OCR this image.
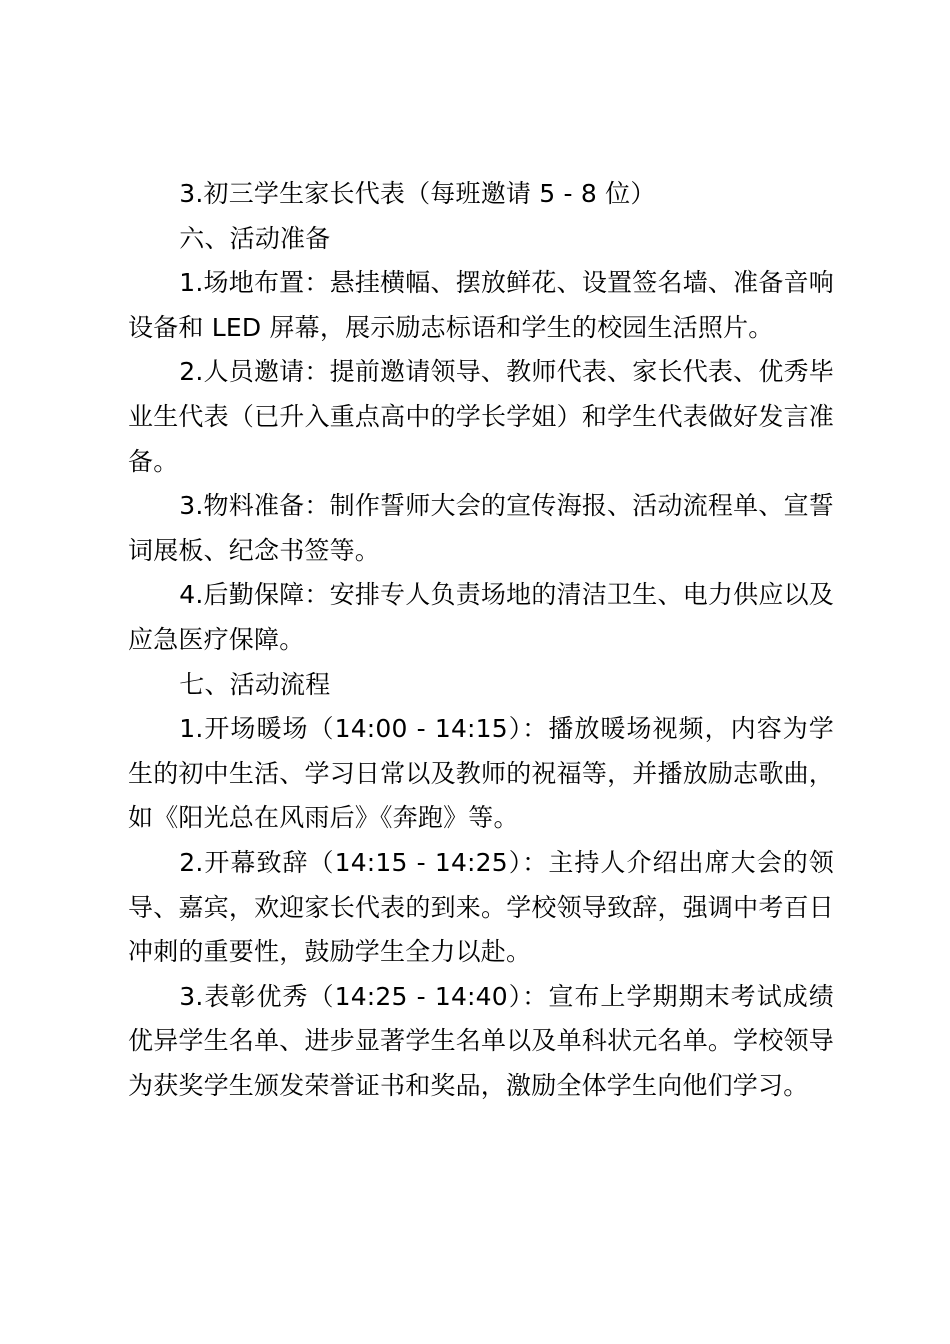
3.初三学生家长代表（每班邀请 5 - 8 位）

六、活动准备

1.场地布置：悬挂横幅、摆放鲜花、设置签名墙、准备音响设备和 LED 屏幕，展示励志标语和学生的校园生活照片。

2.人员邀请：提前邀请领导、教师代表、家长代表、优秀毕业生代表（已升入重点高中的学长学姐）和学生代表做好发言准备。

3.物料准备：制作誓师大会的宣传海报、活动流程单、宣誓词展板、纪念书签等。

4.后勤保障：安排专人负责场地的清洁卫生、电力供应以及应急医疗保障。

七、活动流程

1.开场暖场（14:00 - 14:15）：播放暖场视频，内容为学生的初中生活、学习日常以及教师的祝福等，并播放励志歌曲，如《阳光总在风雨后》《奔跑》等。

2.开幕致辞（14:15 - 14:25）：主持人介绍出席大会的领导、嘉宾，欢迎家长代表的到来。学校领导致辞，强调中考百日冲刺的重要性，鼓励学生全力以赴。

3.表彰优秀（14:25 - 14:40）：宣布上学期期末考试成绩优异学生名单、进步显著学生名单以及单科状元名单。学校领导为获奖学生颁发荣誉证书和奖品，激励全体学生向他们学习。
